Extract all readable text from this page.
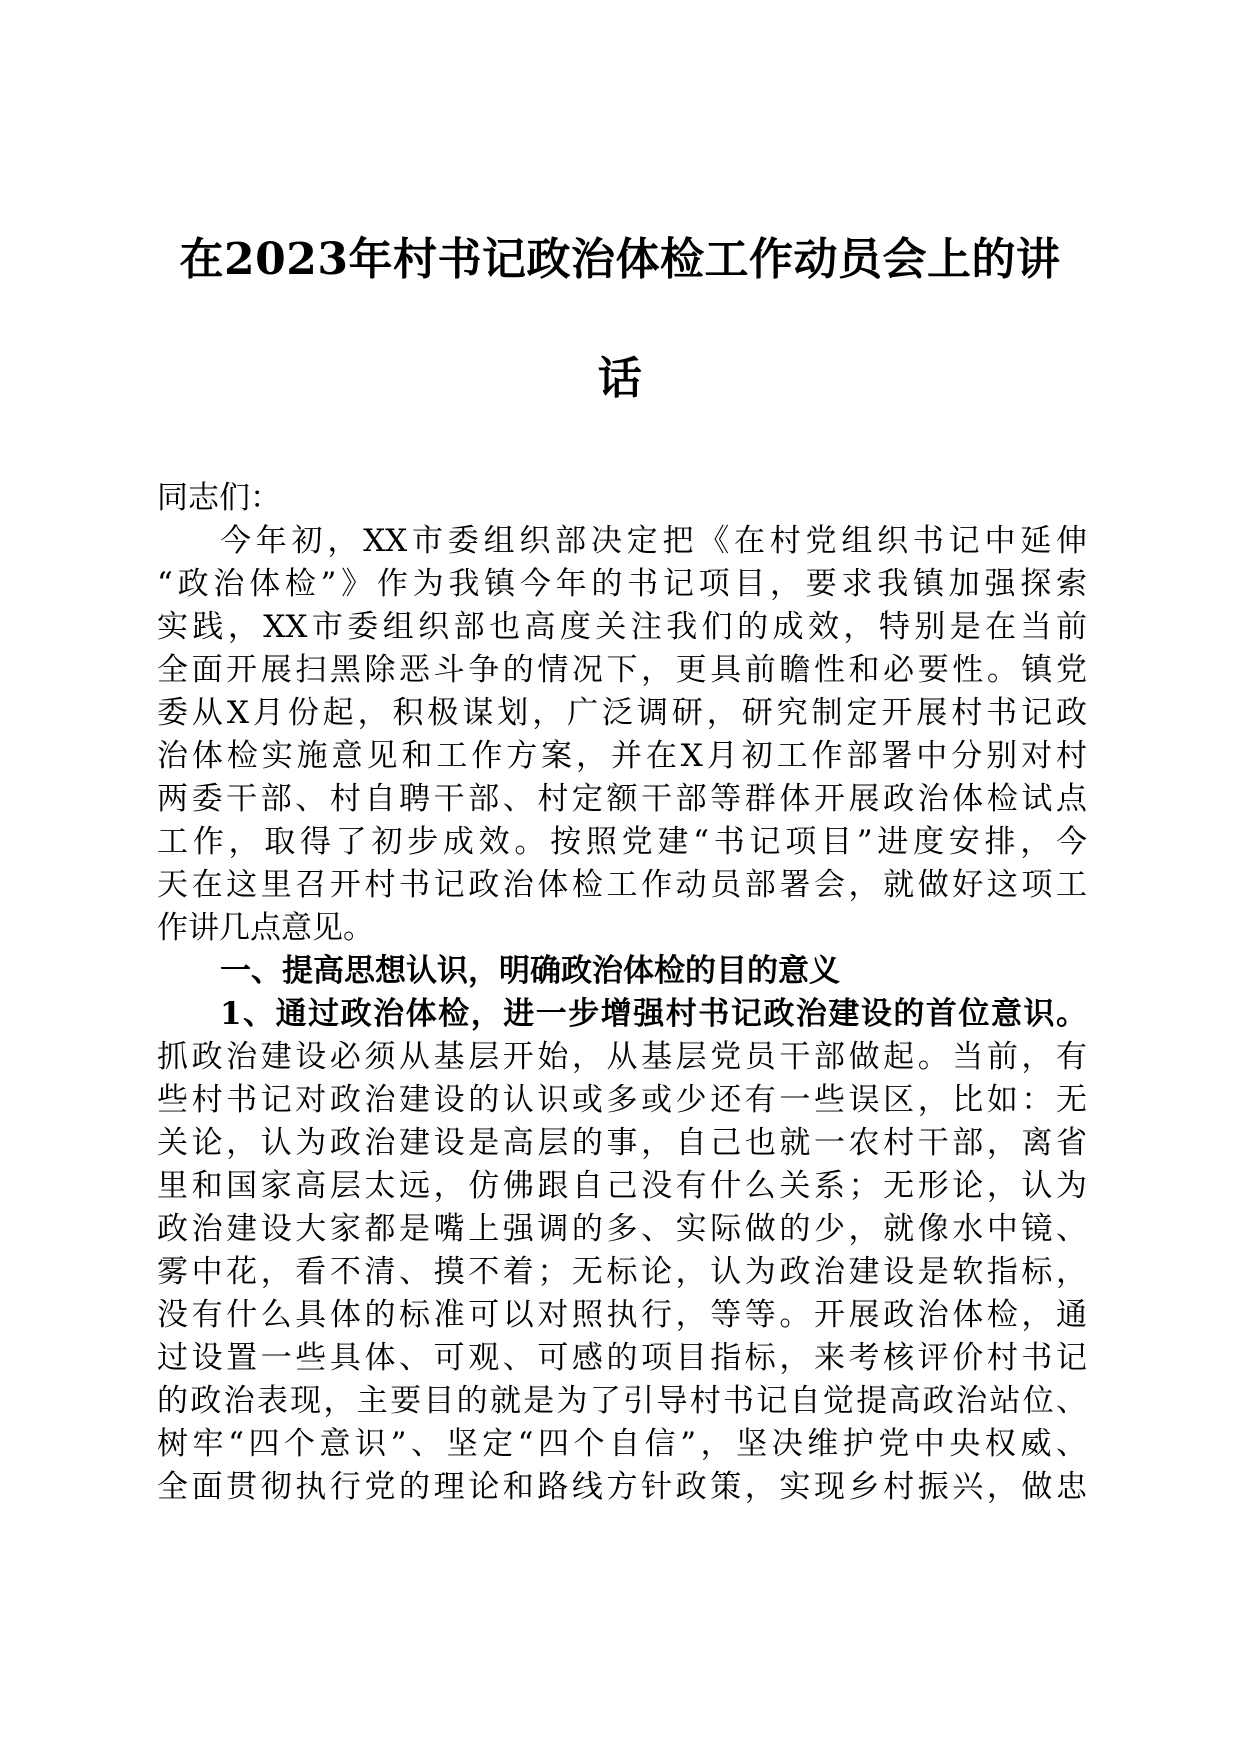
在2023年村书记政治体检工作动员会上的讲
话
同志们：
今年初，XX市委组织部决定把《在村党组织书记中延伸
“政治体检”》作为我镇今年的书记项目，要求我镇加强探索
实践，XX市委组织部也高度关注我们的成效，特别是在当前
全面开展扫黑除恶斗争的情况下，更具前瞻性和必要性。镇党
委从X月份起，积极谋划，广泛调研，研究制定开展村书记政
治体检实施意见和工作方案，并在X月初工作部署中分别对村
两委干部、村自聘干部、村定额干部等群体开展政治体检试点
工作，取得了初步成效。按照党建“书记项目”进度安排，今
天在这里召开村书记政治体检工作动员部署会，就做好这项工
作讲几点意见。
一、提高思想认识，明确政治体检的目的意义
1、通过政治体检，进一步增强村书记政治建设的首位意识。
抓政治建设必须从基层开始，从基层党员干部做起。当前，有
些村书记对政治建设的认识或多或少还有一些误区，比如：无
关论，认为政治建设是高层的事，自己也就一农村干部，离省
里和国家高层太远，仿佛跟自己没有什么关系；无形论，认为
政治建设大家都是嘴上强调的多、实际做的少，就像水中镜、
雾中花，看不清、摸不着；无标论，认为政治建设是软指标，
没有什么具体的标准可以对照执行，等等。开展政治体检，通
过设置一些具体、可观、可感的项目指标，来考核评价村书记
的政治表现，主要目的就是为了引导村书记自觉提高政治站位、
树牢“四个意识”、坚定“四个自信”，坚决维护党中央权威、
全面贯彻执行党的理论和路线方针政策，实现乡村振兴，做忠
